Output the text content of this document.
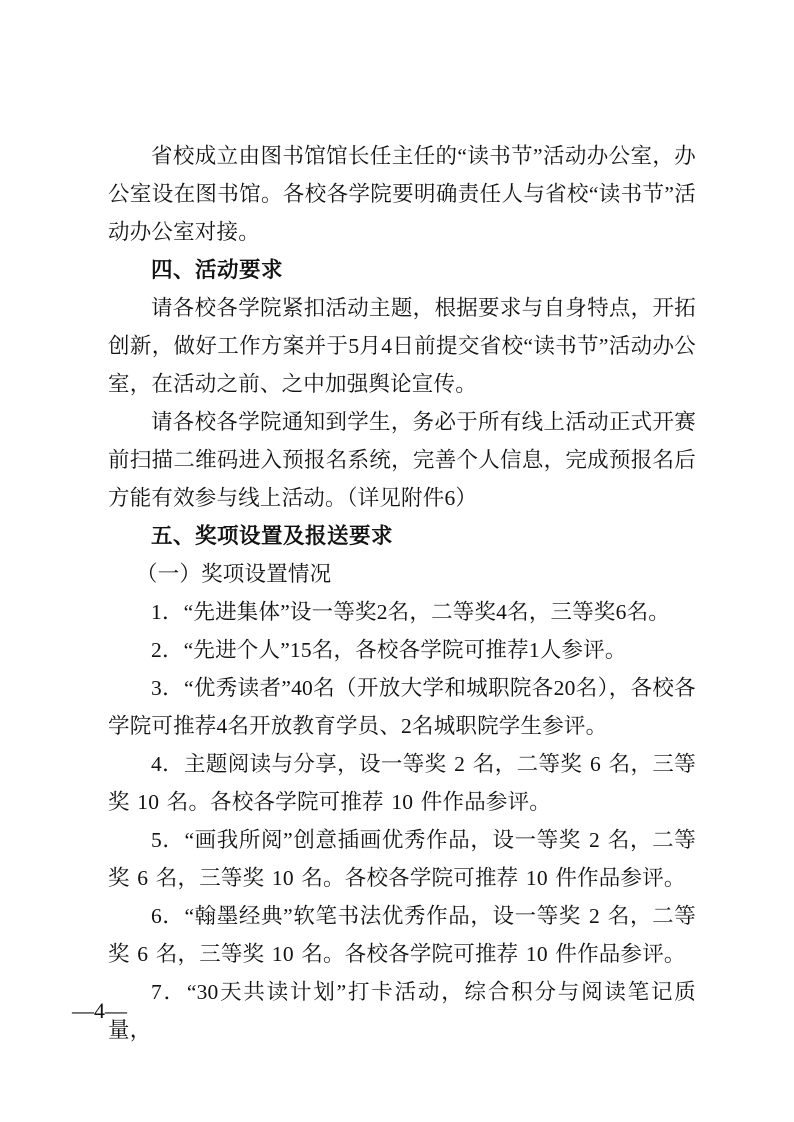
省校成立由图书馆馆长任主任的“读书节”活动办公室，办公室设在图书馆。各校各学院要明确责任人与省校“读书节”活动办公室对接。

四、活动要求

请各校各学院紧扣活动主题，根据要求与自身特点，开拓创新，做好工作方案并于5月4日前提交省校“读书节”活动办公室，在活动之前、之中加强舆论宣传。

请各校各学院通知到学生，务必于所有线上活动正式开赛前扫描二维码进入预报名系统，完善个人信息，完成预报名后方能有效参与线上活动。（详见附件6）

五、奖项设置及报送要求

（一）奖项设置情况

1．“先进集体”设一等奖2名，二等奖4名，三等奖6名。

2．“先进个人”15名，各校各学院可推荐1人参评。

3．“优秀读者”40名（开放大学和城职院各20名），各校各学院可推荐4名开放教育学员、2名城职院学生参评。

4．主题阅读与分享，设一等奖 2 名，二等奖 6 名，三等奖 10 名。各校各学院可推荐 10 件作品参评。

5．“画我所阅”创意插画优秀作品，设一等奖 2 名，二等奖 6 名，三等奖 10 名。各校各学院可推荐 10 件作品参评。

6．“翰墨经典”软笔书法优秀作品，设一等奖 2 名，二等奖 6 名，三等奖 10 名。各校各学院可推荐 10 件作品参评。

7．“30天共读计划”打卡活动，综合积分与阅读笔记质量，

—4—
